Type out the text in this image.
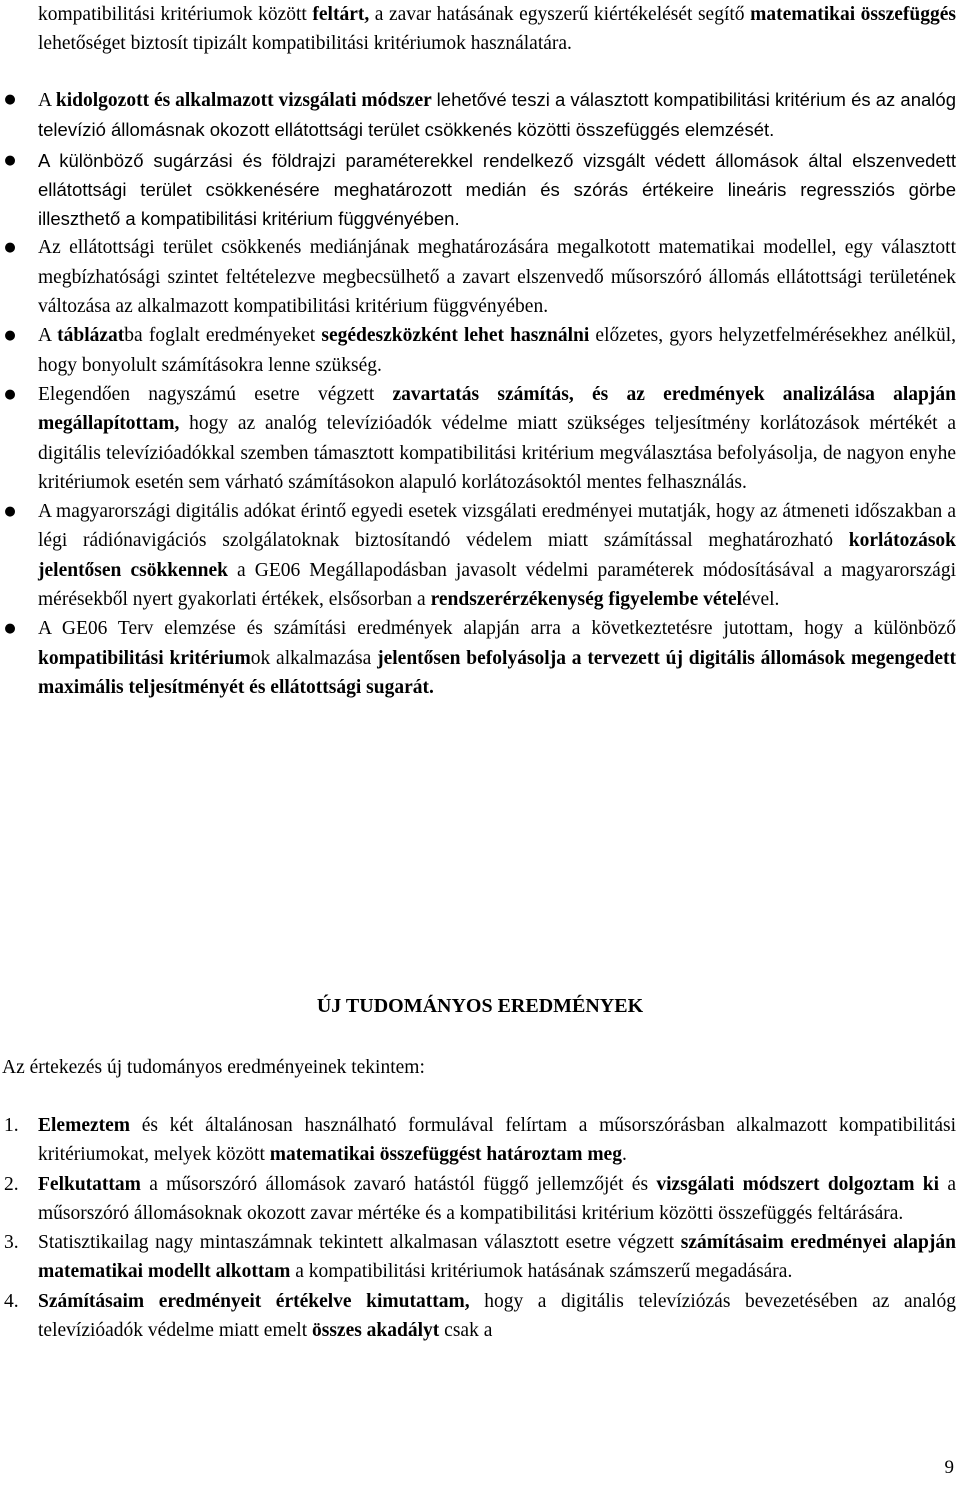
kompatibilitási kritériumok között feltárt, a zavar hatásának egyszerű kiértékelését segítő matematikai összefüggés lehetőséget biztosít tipizált kompatibilitási kritériumok használatára.
● A kidolgozott és alkalmazott vizsgálati módszer lehetővé teszi a választott kompatibilitási kritérium és az analóg televízió állomásnak okozott ellátottsági terület csökkenés közötti összefüggés elemzését.
● A különböző sugárzási és földrajzi paraméterekkel rendelkező vizsgált védett állomások által elszenvedett ellátottsági terület csökkenésére meghatározott medián és szórás értékeire lineáris regressziós görbe illeszthető a kompatibilitási kritérium függvényében.
● Az ellátottsági terület csökkenés mediánjának meghatározására megalkotott matematikai modellel, egy választott megbízhatósági szintet feltételezve megbecsülhető a zavart elszenvedő műsorszóró állomás ellátottsági területének változása az alkalmazott kompatibilitási kritérium függvényében.
● A táblázatba foglalt eredményeket segédeszközként lehet használni előzetes, gyors helyzetfelmérésekhez anélkül, hogy bonyolult számításokra lenne szükség.
● Elegendően nagyszámú esetre végzett zavartatás számítás, és az eredmények analizálása alapján megállapítottam, hogy az analóg televízióadók védelme miatt szükséges teljesítmény korlátozások mértékét a digitális televízióadókkal szemben támasztott kompatibilitási kritérium megválasztása befolyásolja, de nagyon enyhe kritériumok esetén sem várható számításokon alapuló korlátozásoktól mentes felhasználás.
● A magyarországi digitális adókat érintő egyedi esetek vizsgálati eredményei mutatják, hogy az átmeneti időszakban a légi rádiónavigációs szolgálatoknak biztosítandó védelem miatt számítással meghatározható korlátozások jelentősen csökkennek a GE06 Megállapodásban javasolt védelmi paraméterek módosításával a magyarországi mérésekből nyert gyakorlati értékek, elsősorban a rendszerérzékenység figyelembe vételével.
● A GE06 Terv elemzése és számítási eredmények alapján arra a következtetésre jutottam, hogy a különböző kompatibilitási kritériumok alkalmazása jelentősen befolyásolja a tervezett új digitális állomások megengedett maximális teljesítményét és ellátottsági sugarát.
ÚJ TUDOMÁNYOS EREDMÉNYEK
Az értekezés új tudományos eredményeinek tekintem:
1. Elemeztem és két általánosan használható formulával felírtam a műsorszórásban alkalmazott kompatibilitási kritériumokat, melyek között matematikai összefüggést határoztam meg.
2. Felkutattam a műsorszóró állomások zavaró hatástól függő jellemzőjét és vizsgálati módszert dolgoztam ki a műsorszóró állomásoknak okozott zavar mértéke és a kompatibilitási kritérium közötti összefüggés feltárására.
3. Statisztikailag nagy mintaszámnak tekintett alkalmasan választott esetre végzett számításaim eredményei alapján matematikai modellt alkottam a kompatibilitási kritériumok hatásának számszerű megadására.
4. Számításaim eredményeit értékelve kimutattam, hogy a digitális televíziózás bevezetésében az analóg televízióadók védelme miatt emelt összes akadályt csak a
9
